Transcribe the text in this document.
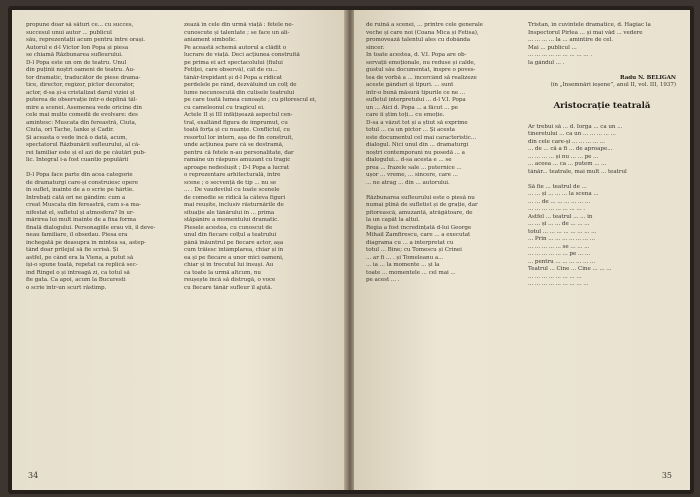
propune doar să sături ce... cu succes,
succesul unui autor ... publicul
său, reprezentații acum pentru între orași.
Autorul e d-l Victor Ion Popa și piesa
se chiamă Răzbunarea sufleurului.
D-l Popa este un om de teatru. Unul
din puținii noștri oameni de teatru. Au-
tor dramatic, traducător de piese drama-
tice, director, regizor, pictor decorator,
actor, d-sa și-a cristalizat darul viziei și
puterea de observație într-o deplină tăl-
mire a scenei. Asemenea vede oricine din
cele mai multe comedii de evolvare: des
amintesc: Muscata din fereastră, Ciuta,
Ciuta, ori Tache, Ianke și Cadir.
Și aceasta o vede încă o dată, acum,
spectatorul Răzbunării sufleurului, al că-
rei familiar este și el azi de pe căutări pub-
lic. Integral i-a fost cuantio populării

D-l Popa face parte din acea categorie
de dramaturgi care-și construiesc opere
în suflet, inainte de a o scrie pe hârtie.
Intrebați câtă ori ne gândim: cum a
creat Muscata din fereastră, cum s-a ma-
nifestat el, sufletul și atmosfera? În ur-
mărirea lui mult înainte de a fixa forma
finală dialogului. Personagiile erau vii, îl deve-
neau familiare, îl obsedau. Piesa era
închegată pe deasupra în mintea sa, astep-
tând doar prilejul să fie scrisă. Și
astfel, pe când era la Viena, a putut să
își-o spune toată, repetat ca replică sec-
ind Ringel o și întreagă zi, ca totul să
fie gata. Ca apoi, acum la Bucuresti
o scrie într-un scurt răstimp.
zează în cele din urmă viață : fetele ne-
cunoscute și talentate ; se face un ali-
aniament simbolic.
Pe această schemă autorul a clădit o
lucrare de viață. Deci acțiunea construită
pe prima ei act spectacolului (fiului
Fetiței, care observă), cât de cu...
tânăr-trepidant și d-l Popa a ridicat
perdelele pe rând, dezvăluind un colț de
lume necunoscută din culisele teatrului
pe care toată lumea cunoaște ; cu pitorescul ei,
cu cameleonul cu tragicul ei.
Actele II și III înfățișează aspectul cen-
tral, exaltând figura de împrumut, cu
toată forța și cu nuanțe. Conflictul, cu
resortul lor intern, așa de fin construit,
unde acțiunea pare că se destramă,
pentru că fetele n-au personalitate, dar
ramâne un răspuns amuzant cu tragic
aproape nedeslușit ; D-l Popa a lucrat
o reprezentare arhitecturală, între
scene ; o secvență de tip ... nu se
... . De vaudevilul cu toate scenele
de comedie se ridică la câteva figuri
mai reușite, inclusiv răsturnările de
situație ale tânărului în ... prima
stăpânire a momentului dramatic.
Piesele acestea, cu cunoscut de
unul din fiecare colțul a teatrului
până înăuntrul pe fiecare actor, așa
cum trăiesc întâmplarea, chiar și în
ea și pe fiecare a unor mici oameni,
chiar și în trecutul lui însuși. Au
ca toate la urmă altcum, nu
reușește încă să distrugă, o voce
cu fiecare tânăr sufleur îl ajută.
34
de ruină a scenei, ... printre cele generale
veche și care noi (Coana Mica și Fetisa),
promovează talentul ales cu dobânda
sincer.
În toate acestea, d. V.I. Popa are ob-
servații emoționale, nu reduse și calde,
gustul său documentat, înspre o poves-
tea de vorbă a ... încercând să realizeze
aceste gânduri și tipuri. ... sunt
într-o bună măsură tipurile ce ne ...
sufletul interpretului ... d-l V.I. Popa
un ... Aici d. Popa ... a făcut ... pe
care îi știm toți... cu emoție.
D-sa a văzut tot și a știut să exprime
totul ... ca un pictor ... Și acesta
este documentul cel mai caracteristic...
dialogul. Nici unul din ... dramaturgi
noștri contemporani nu posedă ... a
dialogului... d-sa acesta e ... se
prea ... frazele sale ... puternice ...
ușor ... vreme, ... sincere, care ...
... ne atrag ... din ... autorului.

Răzbunarea sufleurului este o piesă nu
numai plină de sufletist și de grație, dar
pitorească, amuzantă, atrăgătoare, de
la un capăt la altul.
Regia a fost încredințată d-lui George
Mihail Zamfirescu, care ... a executat
diagrama cu ... a interpretat cu
totul ... Bine; cu Tomescu și Crinei
... ar fi ... . și Tomeleanu a...
... ia ... la momente ... și la
toate ... momentele ... cel mai ...
pe acest ... .
Tristan, în cuvintele dramatice, d. Hagiac la
Inspectorul Pirlea ... și mai văd ... vedere
... ... ... ... la ... amintire de cel.
Mai ... publicul ...
... ... ... ... ... ... ... ... ... .
la gândul ... .

Radu N. BELIGAN
(în „Însemnări ieșene”, anul II, vol. III, 1937)

Aristocrație teatrală

Ar trebui să ... d. Iorga ... ca un ...
tineretului ... ca un ... ... ... ... ...
din cele care-și ... ... ... ... ...
... de ... că a fi ... de aproape...
... ... ... ... și nu ... ... pe ...
... aceea ... ca ... putem ... ...
tânăr... teatrale, mai mult ... teatrul

Să fie ... teatrul de ...
... ... și ... ... ... la scena ...
... ... de ... ... ... ... ... ...
... ... ... ... ... ... ... ... .
Astfel ... teatrul ... ... în
... ... și ... ... de ... ... ...
totul ... ... ... ... ... ... ... ...
... Prin ... ... ... ... ... ... ...
... ... ... ... ... se ... ... ...
... ... ... ... ... ... pe ... ...
... pentru ... ... ... ... ... ...
Teatrul ... Cine ... Cine ... ... ...
... ... ... ... ... ... ... ...
... ... ... ... ... ... ... ... ...
35
